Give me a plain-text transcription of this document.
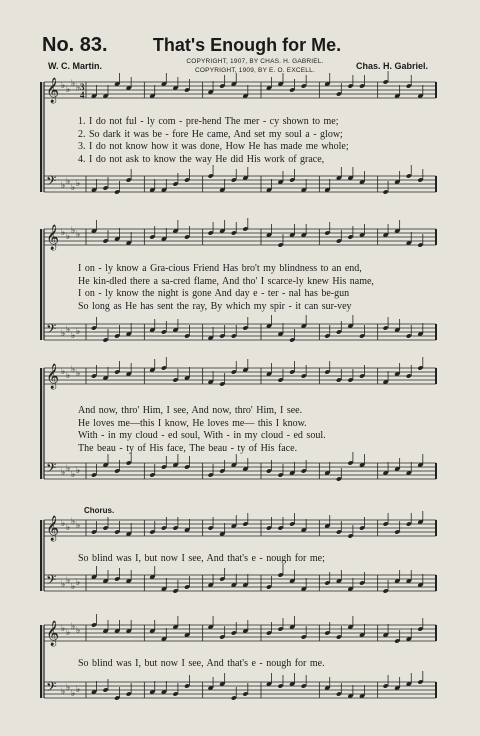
No. 83.	That's Enough for Me.
COPYRIGHT, 1907, BY CHAS. H. GABRIEL.
COPYRIGHT, 1909, BY E. O. EXCELL.
W. C. Martin.	Chas. H. Gabriel.
𝄞 ♭ ♭
♭ ♭
𝄢 ♭ ♭
♭ ♭
𝄞 ♭ ♭
♭ ♭
𝄢 ♭ ♭
♭ ♭
𝄞 ♭ ♭
♭ ♭
𝄢 ♭ ♭
♭ ♭
𝄞 ♭ ♭
♭ ♭
𝄢 ♭ ♭
♭ ♭
𝄞 ♭ ♭
♭ ♭
𝄢 ♭ ♭
♭ ♭
3
4
1. I do not ful - ly com - pre-hend The mer - cy shown to me;
2. So dark it was be - fore He came, And set my soul a - glow;
3. I do not know how it was done, How He has made me whole;
4. I do not ask to know the way He did His work of grace,
I on - ly know a Gra-cious Friend Has bro't my blindness to an end,
He kin-dled there a sa-cred flame, And tho' I scarce-ly knew His name,
I on - ly know the night is gone And day e - ter - nal has be-gun
So long as He has sent the ray, By which my spir - it can sur-vey
And now, thro' Him, I see, And now, thro' Him, I see.
He loves me—this I know, He loves me— this I know.
With - in my cloud - ed soul, With - in my cloud - ed soul.
The beau - ty of His face, The beau - ty of His face.
Chorus.
So blind was I, but now I see, And that's e - nough for me;
So blind was I, but now I see, And that's e - nough for me.
